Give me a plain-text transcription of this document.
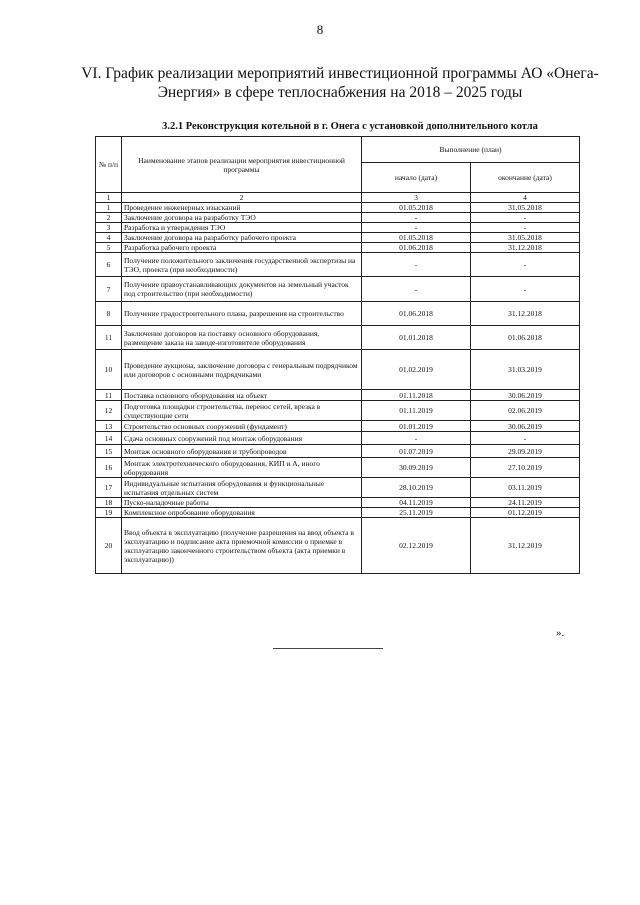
8
VI. График реализации мероприятий инвестиционной программы АО «Онега-Энергия» в сфере теплоснабжения на 2018 – 2025 годы
3.2.1 Реконструкция котельной в г. Онега с установкой дополнительного котла
№ п/п	Наименование этапов реализации мероприятия инвестиционной программы	Выполнение (план)	
		начало (дата)	окончание (дата)
1	2	3	4
1	Проведение инженерных изысканий	01.05.2018	31.05.2018
2	Заключение договора на разработку ТЭО	-	-
3	Разработка и утверждения ТЭО	-	-
4	Заключение договора на разработку рабочего проекта	01.05.2018	31.05.2018
5	Разработка рабочего проекта	01.06.2018	31.12.2018
6	Получение положительного заключения государственной экспертизы на ТЭО, проекта (при необходимости)	-	-
7	Получение правоустанавливающих документов на земельный участок под строительство (при необходимости)	-	-
8	Получение градостроительного плана, разрешения на строительство	01.06.2018	31.12.2018
11	Заключение договоров на поставку основного оборудования, размещение заказа на заводе-изготовителе оборудования	01.01.2018	01.06.2018
10	Проведение аукциона, заключение договора с генеральным подрядчиком или договоров с основными подрядчиками	01.02.2019	31.03.2019
11	Поставка основного оборудования на объект	01.11.2018	30.06.2019
12	Подготовка площадки строительства, перенос сетей, врезка в существующие сети	01.11.2019	02.06.2019
13	Строительство основных сооружений (фундамент)	01.01.2019	30.06.2019
14	Сдача основных сооружений под монтаж оборудования	-	-
15	Монтаж основного оборудования и трубопроводов	01.07.2019	29.09.2019
16	Монтаж электротехнического оборудования, КИП и А, иного оборудования	30.09.2019	27.10.2019
17	Индивидуальные испытания оборудования и функциональные испытания отдельных систем	28.10.2019	03.11.2019
18	Пуско-наладочные работы	04.11.2019	24.11.2019
19	Комплексное опробование оборудования	25.11.2019	01.12.2019
20	Ввод объекта в эксплуатацию (получение разрешения на ввод объекта в эксплуатацию и подписание акта приемочной комиссии о приемке в эксплуатацию законченного строительством объекта (акта приемки в эксплуатацию))	02.12.2019	31.12.2019
».
